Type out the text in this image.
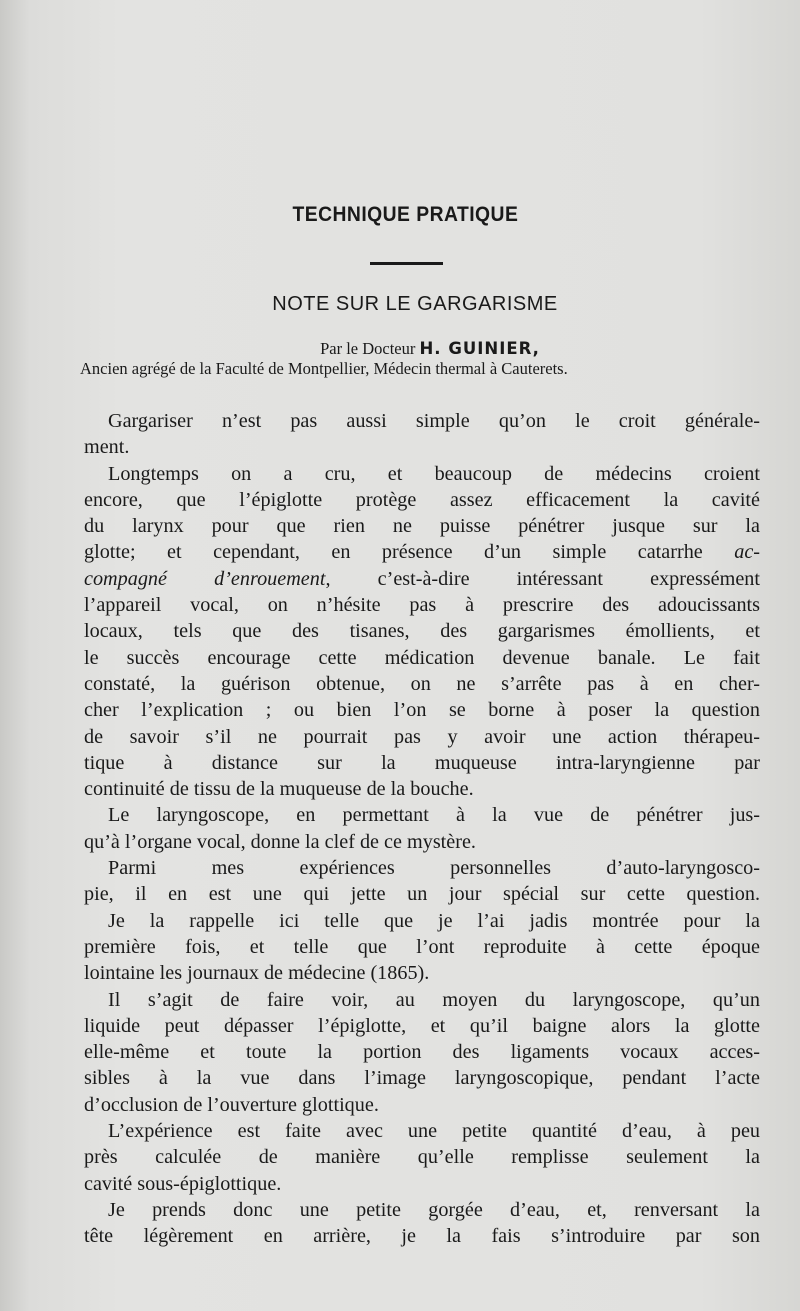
TECHNIQUE PRATIQUE
NOTE SUR LE GARGARISME
Par le Docteur H. GUINIER,
Ancien agrégé de la Faculté de Montpellier, Médecin thermal à Cauterets.

Gargariser n’est pas aussi simple qu’on le croit générale-
ment.

Longtemps on a cru, et beaucoup de médecins croient
encore, que l’épiglotte protège assez efficacement la cavité
du larynx pour que rien ne puisse pénétrer jusque sur la
glotte; et cependant, en présence d’un simple catarrhe ac-
compagné d’enrouement, c’est-à-dire intéressant expressément
l’appareil vocal, on n’hésite pas à prescrire des adoucissants
locaux, tels que des tisanes, des gargarismes émollients, et
le succès encourage cette médication devenue banale. Le fait
constaté, la guérison obtenue, on ne s’arrête pas à en cher-
cher l’explication ; ou bien l’on se borne à poser la question
de savoir s’il ne pourrait pas y avoir une action thérapeu-
tique à distance sur la muqueuse intra-laryngienne par
continuité de tissu de la muqueuse de la bouche.

Le laryngoscope, en permettant à la vue de pénétrer jus-
qu’à l’organe vocal, donne la clef de ce mystère.

Parmi mes expériences personnelles d’auto-laryngosco-
pie, il en est une qui jette un jour spécial sur cette question.

Je la rappelle ici telle que je l’ai jadis montrée pour la
première fois, et telle que l’ont reproduite à cette époque
lointaine les journaux de médecine (1865).

Il s’agit de faire voir, au moyen du laryngoscope, qu’un
liquide peut dépasser l’épiglotte, et qu’il baigne alors la glotte
elle-même et toute la portion des ligaments vocaux acces-
sibles à la vue dans l’image laryngoscopique, pendant l’acte
d’occlusion de l’ouverture glottique.

L’expérience est faite avec une petite quantité d’eau, à peu
près calculée de manière qu’elle remplisse seulement la
cavité sous-épiglottique.

Je prends donc une petite gorgée d’eau, et, renversant la
tête légèrement en arrière, je la fais s’introduire par son
